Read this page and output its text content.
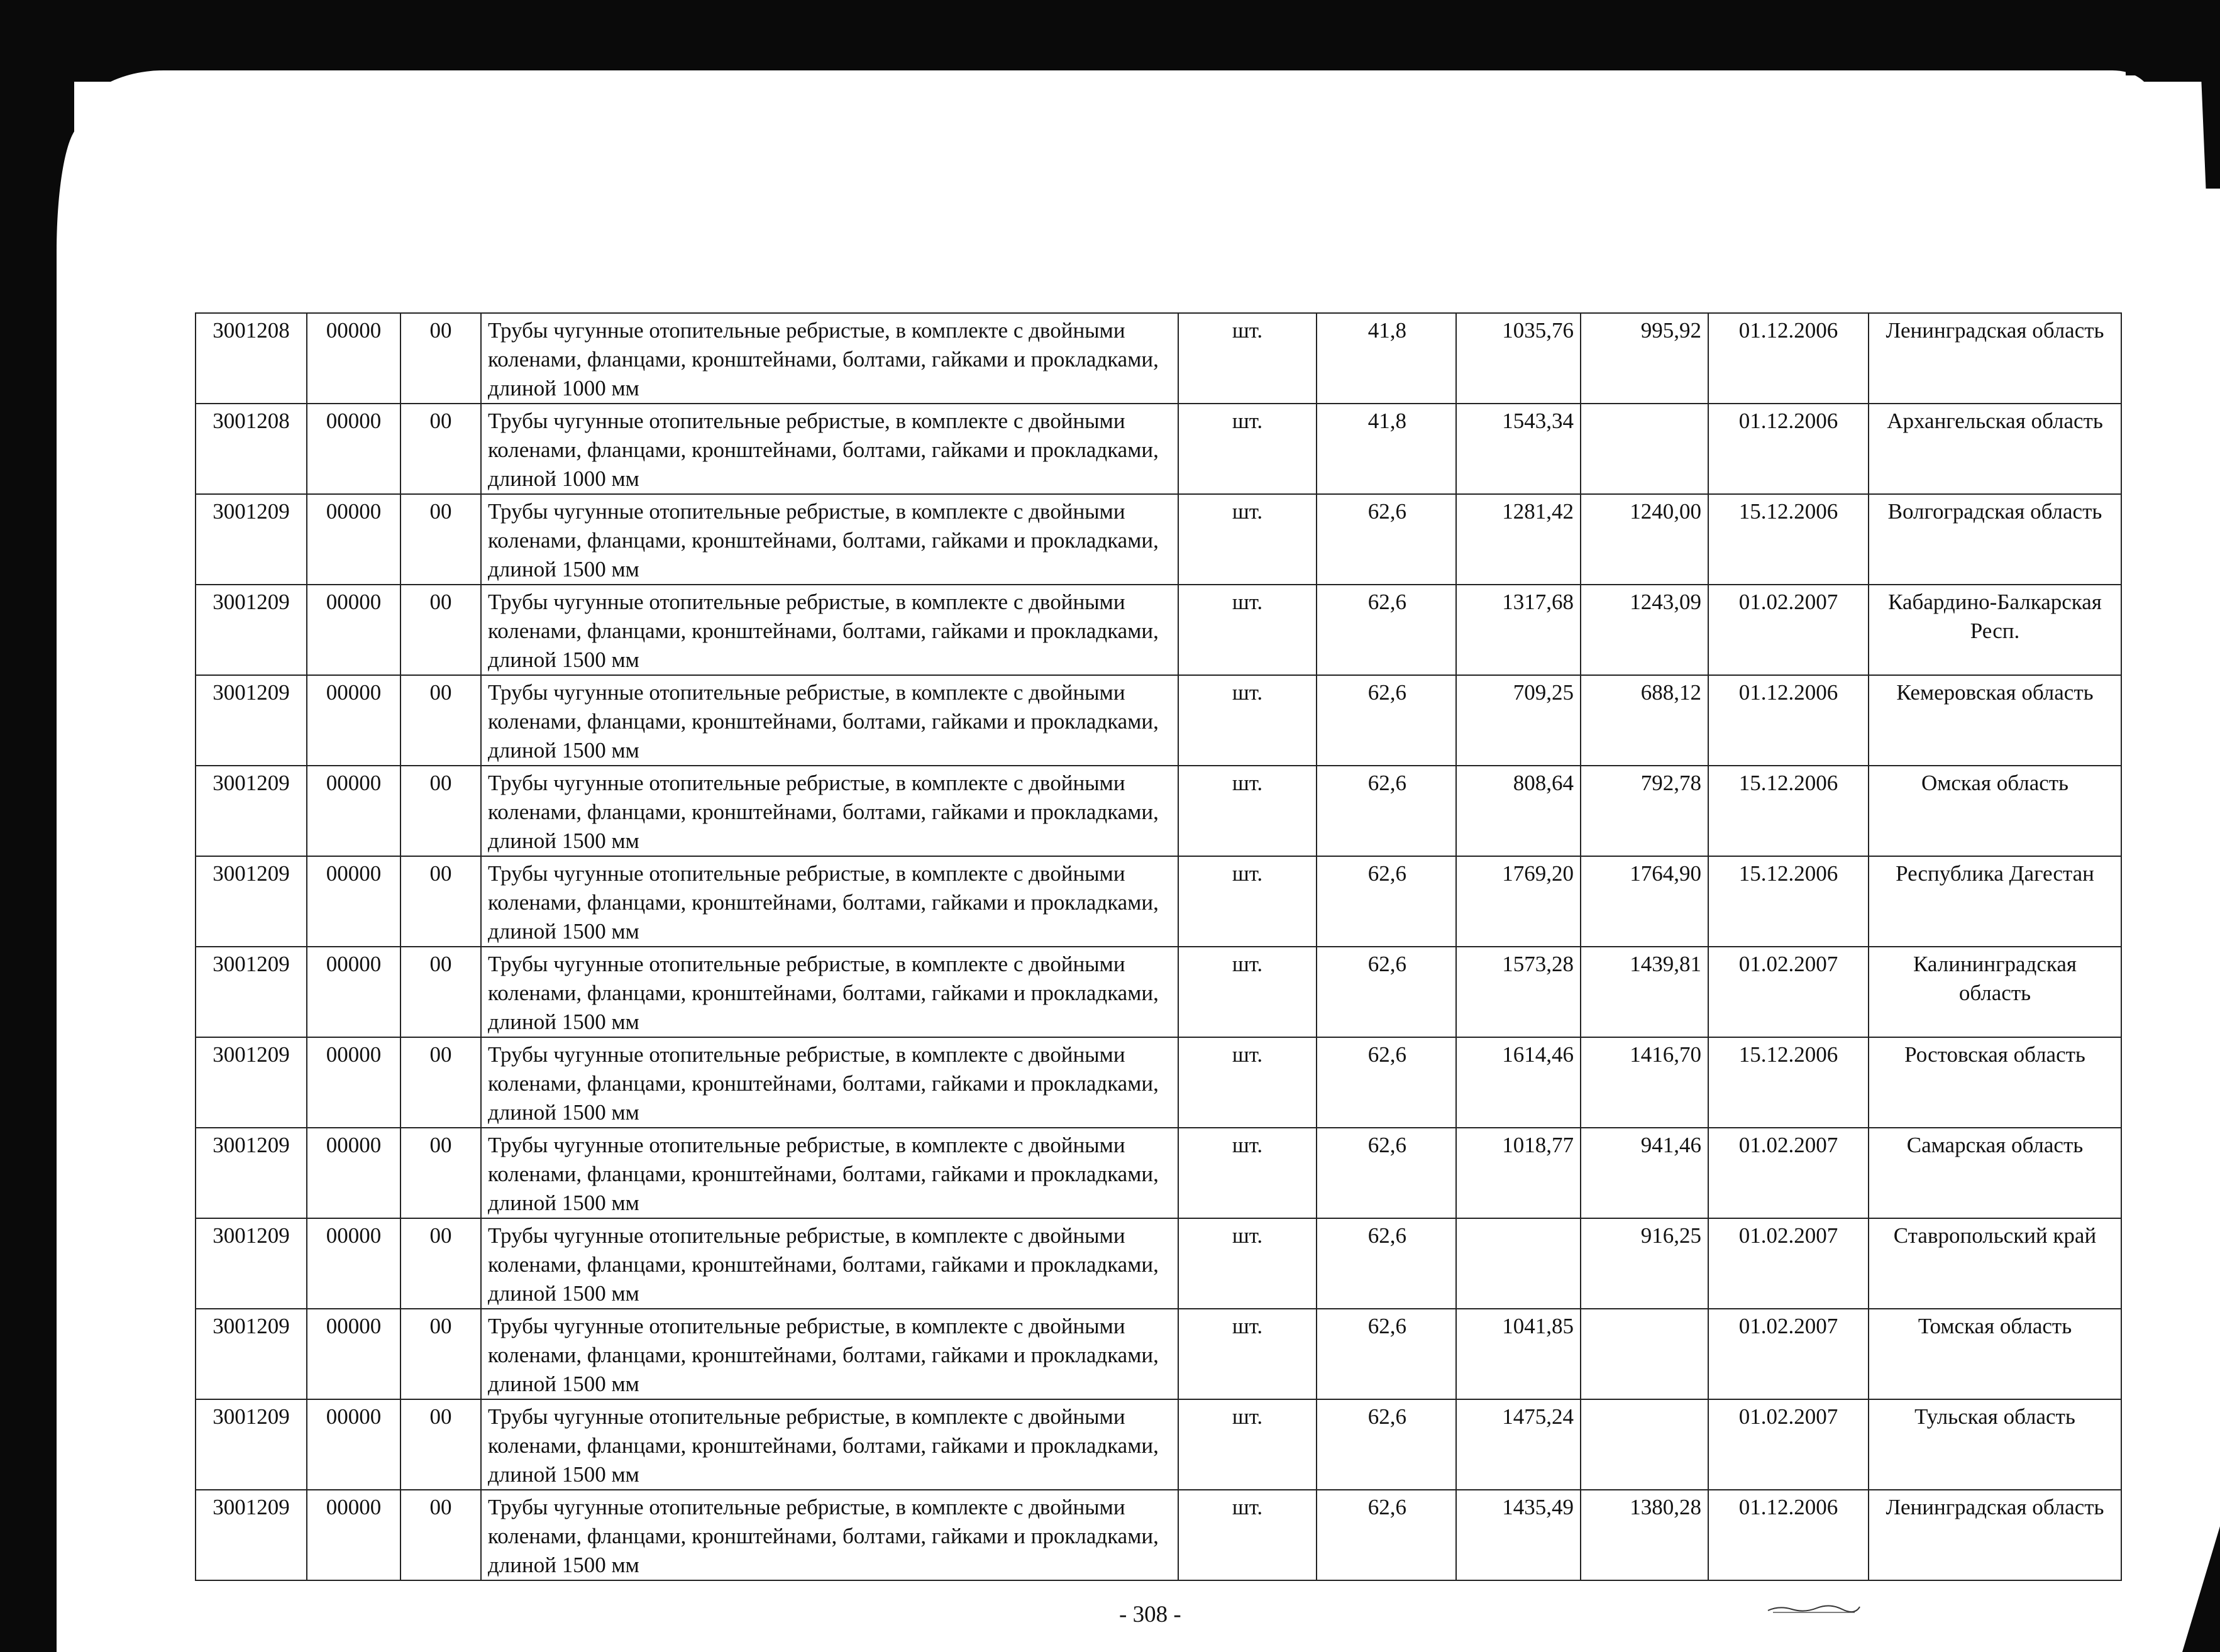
3001208	00000	00	Трубы чугунные отопительные ребристые, в комплекте с двойными коленами, фланцами, кронштейнами, болтами, гайками и прокладками, длиной 1000 мм	шт.	41,8	1035,76	995,92	01.12.2006	Ленинградская область
3001208	00000	00	Трубы чугунные отопительные ребристые, в комплекте с двойными коленами, фланцами, кронштейнами, болтами, гайками и прокладками, длиной 1000 мм	шт.	41,8	1543,34		01.12.2006	Архангельская область
3001209	00000	00	Трубы чугунные отопительные ребристые, в комплекте с двойными коленами, фланцами, кронштейнами, болтами, гайками и прокладками, длиной 1500 мм	шт.	62,6	1281,42	1240,00	15.12.2006	Волгоградская область
3001209	00000	00	Трубы чугунные отопительные ребристые, в комплекте с двойными коленами, фланцами, кронштейнами, болтами, гайками и прокладками, длиной 1500 мм	шт.	62,6	1317,68	1243,09	01.02.2007	Кабардино-Балкарская Респ.
3001209	00000	00	Трубы чугунные отопительные ребристые, в комплекте с двойными коленами, фланцами, кронштейнами, болтами, гайками и прокладками, длиной 1500 мм	шт.	62,6	709,25	688,12	01.12.2006	Кемеровская область
3001209	00000	00	Трубы чугунные отопительные ребристые, в комплекте с двойными коленами, фланцами, кронштейнами, болтами, гайками и прокладками, длиной 1500 мм	шт.	62,6	808,64	792,78	15.12.2006	Омская область
3001209	00000	00	Трубы чугунные отопительные ребристые, в комплекте с двойными коленами, фланцами, кронштейнами, болтами, гайками и прокладками, длиной 1500 мм	шт.	62,6	1769,20	1764,90	15.12.2006	Республика Дагестан
3001209	00000	00	Трубы чугунные отопительные ребристые, в комплекте с двойными коленами, фланцами, кронштейнами, болтами, гайками и прокладками, длиной 1500 мм	шт.	62,6	1573,28	1439,81	01.02.2007	Калининградская область
3001209	00000	00	Трубы чугунные отопительные ребристые, в комплекте с двойными коленами, фланцами, кронштейнами, болтами, гайками и прокладками, длиной 1500 мм	шт.	62,6	1614,46	1416,70	15.12.2006	Ростовская область
3001209	00000	00	Трубы чугунные отопительные ребристые, в комплекте с двойными коленами, фланцами, кронштейнами, болтами, гайками и прокладками, длиной 1500 мм	шт.	62,6	1018,77	941,46	01.02.2007	Самарская область
3001209	00000	00	Трубы чугунные отопительные ребристые, в комплекте с двойными коленами, фланцами, кронштейнами, болтами, гайками и прокладками, длиной 1500 мм	шт.	62,6		916,25	01.02.2007	Ставропольский край
3001209	00000	00	Трубы чугунные отопительные ребристые, в комплекте с двойными коленами, фланцами, кронштейнами, болтами, гайками и прокладками, длиной 1500 мм	шт.	62,6	1041,85		01.02.2007	Томская область
3001209	00000	00	Трубы чугунные отопительные ребристые, в комплекте с двойными коленами, фланцами, кронштейнами, болтами, гайками и прокладками, длиной 1500 мм	шт.	62,6	1475,24		01.02.2007	Тульская область
3001209	00000	00	Трубы чугунные отопительные ребристые, в комплекте с двойными коленами, фланцами, кронштейнами, болтами, гайками и прокладками, длиной 1500 мм	шт.	62,6	1435,49	1380,28	01.12.2006	Ленинградская область
- 308 -
